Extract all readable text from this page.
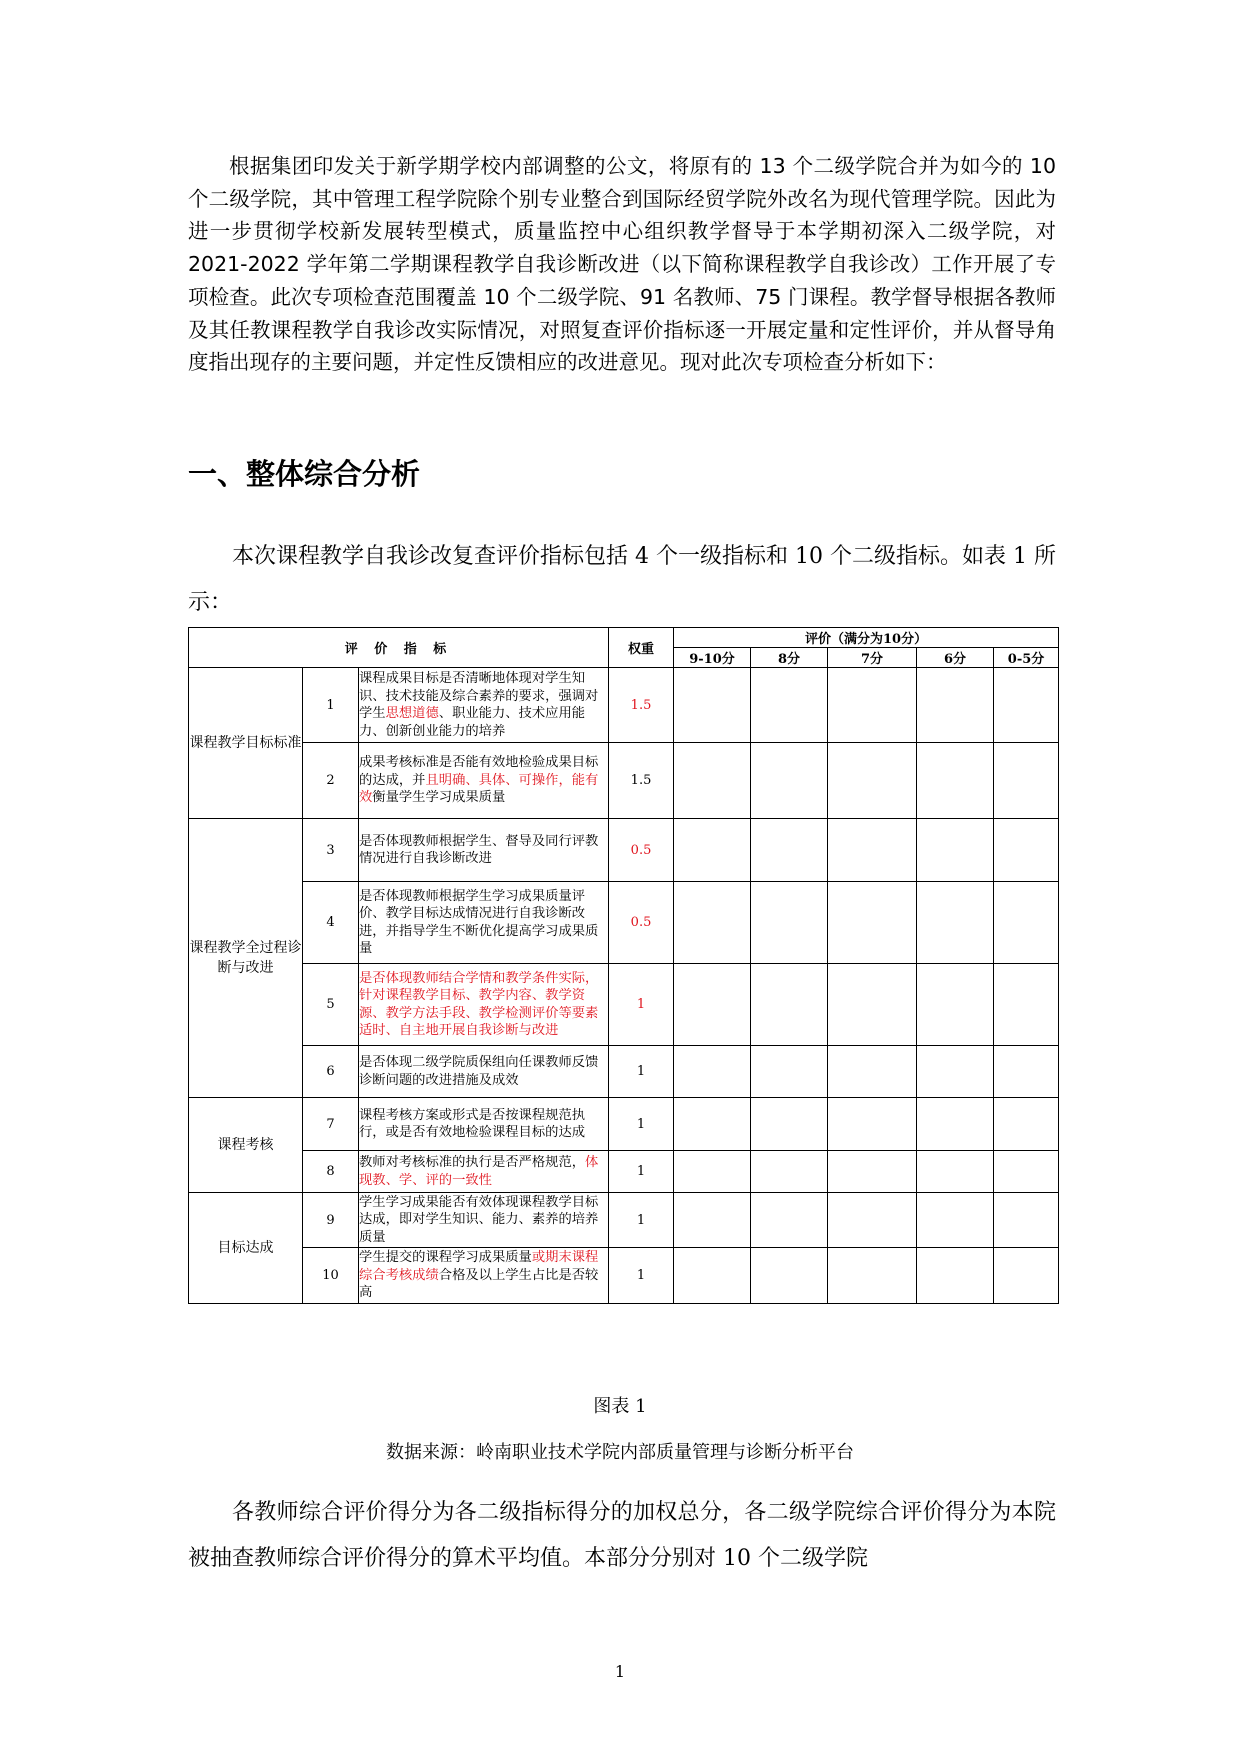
根据集团印发关于新学期学校内部调整的公文，将原有的 13 个二级学院合并为如今的 10 个二级学院，其中管理工程学院除个别专业整合到国际经贸学院外改名为现代管理学院。因此为进一步贯彻学校新发展转型模式，质量监控中心组织教学督导于本学期初深入二级学院，对 2021-2022 学年第二学期课程教学自我诊断改进（以下简称课程教学自我诊改）工作开展了专项检查。此次专项检查范围覆盖 10 个二级学院、91 名教师、75 门课程。教学督导根据各教师及其任教课程教学自我诊改实际情况，对照复查评价指标逐一开展定量和定性评价，并从督导角度指出现存的主要问题，并定性反馈相应的改进意见。现对此次专项检查分析如下：

一、整体综合分析

本次课程教学自我诊改复查评价指标包括 4 个一级指标和 10 个二级指标。如表 1 所示：

评 价 指 标			权重	评价（满分为10分）				
				9-10分	8分	7分	6分	0-5分
课程教学目标标准	1	课程成果目标是否清晰地体现对学生知识、技术技能及综合素养的要求，强调对学生思想道德、职业能力、技术应用能力、创新创业能力的培养	1.5					
	2	成果考核标准是否能有效地检验成果目标的达成，并且明确、具体、可操作，能有效衡量学生学习成果质量	1.5					
课程教学全过程诊断与改进	3	是否体现教师根据学生、督导及同行评教情况进行自我诊断改进	0.5					
	4	是否体现教师根据学生学习成果质量评价、教学目标达成情况进行自我诊断改进，并指导学生不断优化提高学习成果质量	0.5					
	5	是否体现教师结合学情和教学条件实际，针对课程教学目标、教学内容、教学资源、教学方法手段、教学检测评价等要素适时、自主地开展自我诊断与改进	1					
	6	是否体现二级学院质保组向任课教师反馈诊断问题的改进措施及成效	1					
课程考核	7	课程考核方案或形式是否按课程规范执行，或是否有效地检验课程目标的达成	1					
	8	教师对考核标准的执行是否严格规范，体现教、学、评的一致性	1					
目标达成	9	学生学习成果能否有效体现课程教学目标达成，即对学生知识、能力、素养的培养质量	1					
	10	学生提交的课程学习成果质量或期末课程综合考核成绩合格及以上学生占比是否较高	1					

图表 1

数据来源：岭南职业技术学院内部质量管理与诊断分析平台

各教师综合评价得分为各二级指标得分的加权总分，各二级学院综合评价得分为本院被抽查教师综合评价得分的算术平均值。本部分分别对 10 个二级学院

1
